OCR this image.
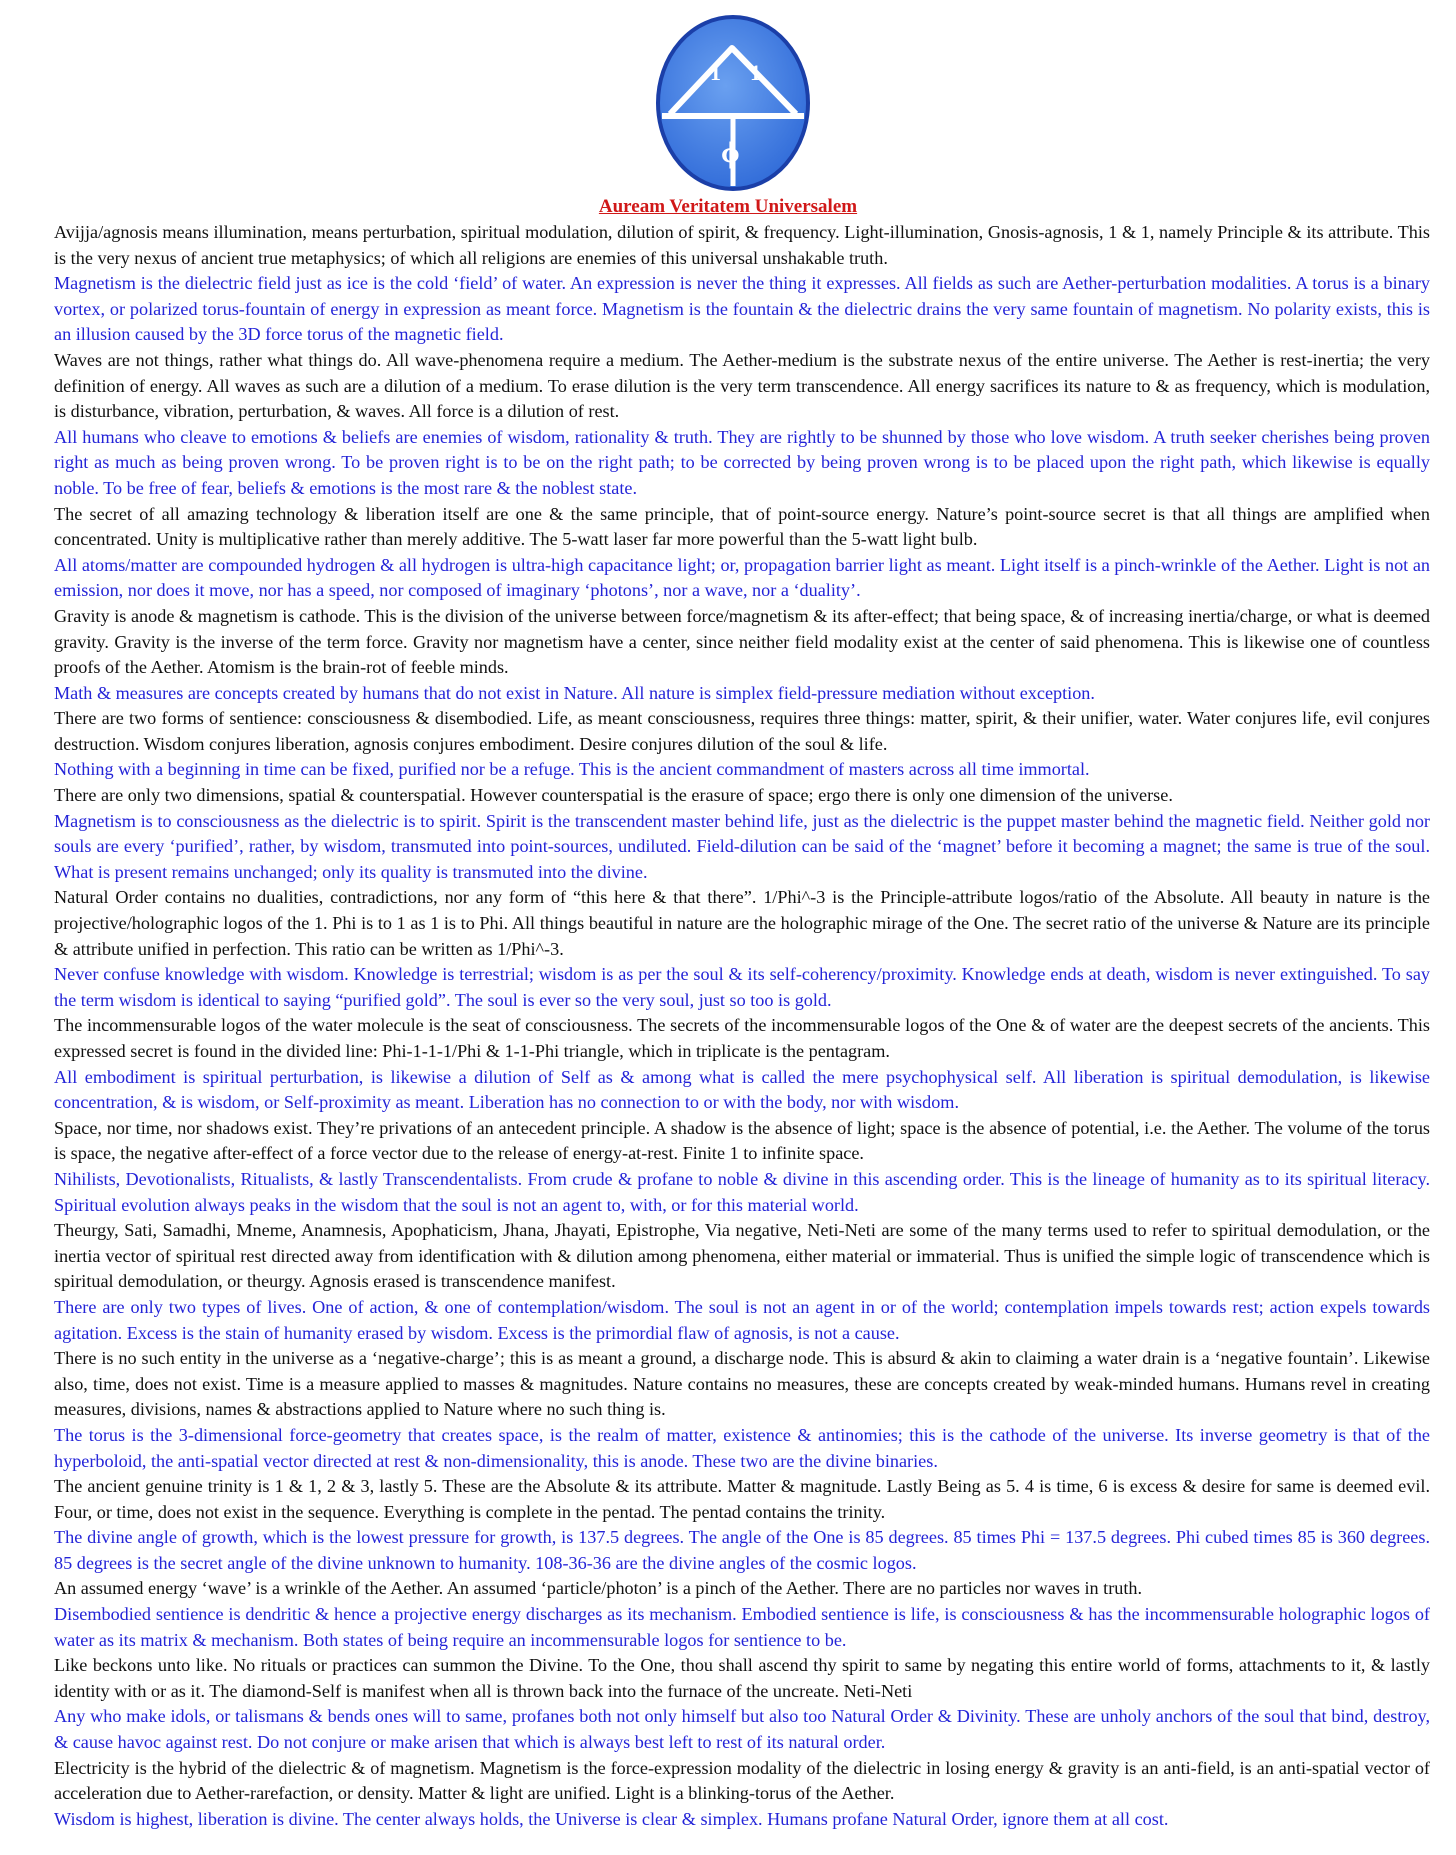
1 1
ϕ
Auream Veritatem Universalem

Avijja/agnosis means illumination, means perturbation, spiritual modulation, dilution of spirit, & frequency. Light-illumination, Gnosis-agnosis, 1 & 1, namely Principle & its attribute. This is the very nexus of ancient true metaphysics; of which all religions are enemies of this universal unshakable truth.

Magnetism is the dielectric field just as ice is the cold ‘field’ of water. An expression is never the thing it expresses. All fields as such are Aether-perturbation modalities. A torus is a binary vortex, or polarized torus-fountain of energy in expression as meant force. Magnetism is the fountain & the dielectric drains the very same fountain of magnetism. No polarity exists, this is an illusion caused by the 3D force torus of the magnetic field.

Waves are not things, rather what things do. All wave-phenomena require a medium. The Aether-medium is the substrate nexus of the entire universe. The Aether is rest-inertia; the very definition of energy. All waves as such are a dilution of a medium. To erase dilution is the very term transcendence. All energy sacrifices its nature to & as frequency, which is modulation, is disturbance, vibration, perturbation, & waves. All force is a dilution of rest.

All humans who cleave to emotions & beliefs are enemies of wisdom, rationality & truth. They are rightly to be shunned by those who love wisdom. A truth seeker cherishes being proven right as much as being proven wrong. To be proven right is to be on the right path; to be corrected by being proven wrong is to be placed upon the right path, which likewise is equally noble. To be free of fear, beliefs & emotions is the most rare & the noblest state.

The secret of all amazing technology & liberation itself are one & the same principle, that of point-source energy. Nature’s point-source secret is that all things are amplified when concentrated. Unity is multiplicative rather than merely additive. The 5-watt laser far more powerful than the 5-watt light bulb.

All atoms/matter are compounded hydrogen & all hydrogen is ultra-high capacitance light; or, propagation barrier light as meant. Light itself is a pinch-wrinkle of the Aether. Light is not an emission, nor does it move, nor has a speed, nor composed of imaginary ‘photons’, nor a wave, nor a ‘duality’.

Gravity is anode & magnetism is cathode. This is the division of the universe between force/magnetism & its after-effect; that being space, & of increasing inertia/charge, or what is deemed gravity. Gravity is the inverse of the term force. Gravity nor magnetism have a center, since neither field modality exist at the center of said phenomena. This is likewise one of countless proofs of the Aether. Atomism is the brain-rot of feeble minds.

Math & measures are concepts created by humans that do not exist in Nature. All nature is simplex field-pressure mediation without exception.

There are two forms of sentience: consciousness & disembodied. Life, as meant consciousness, requires three things: matter, spirit, & their unifier, water. Water conjures life, evil conjures destruction. Wisdom conjures liberation, agnosis conjures embodiment. Desire conjures dilution of the soul & life.

Nothing with a beginning in time can be fixed, purified nor be a refuge. This is the ancient commandment of masters across all time immortal.

There are only two dimensions, spatial & counterspatial. However counterspatial is the erasure of space; ergo there is only one dimension of the universe.

Magnetism is to consciousness as the dielectric is to spirit. Spirit is the transcendent master behind life, just as the dielectric is the puppet master behind the magnetic field. Neither gold nor souls are every ‘purified’, rather, by wisdom, transmuted into point-sources, undiluted. Field-dilution can be said of the ‘magnet’ before it becoming a magnet; the same is true of the soul. What is present remains unchanged; only its quality is transmuted into the divine.

Natural Order contains no dualities, contradictions, nor any form of “this here & that there”. 1/Phi^-3 is the Principle-attribute logos/ratio of the Absolute. All beauty in nature is the projective/holographic logos of the 1. Phi is to 1 as 1 is to Phi. All things beautiful in nature are the holographic mirage of the One. The secret ratio of the universe & Nature are its principle & attribute unified in perfection. This ratio can be written as 1/Phi^-3.

Never confuse knowledge with wisdom. Knowledge is terrestrial; wisdom is as per the soul & its self-coherency/proximity. Knowledge ends at death, wisdom is never extinguished. To say the term wisdom is identical to saying “purified gold”. The soul is ever so the very soul, just so too is gold.

The incommensurable logos of the water molecule is the seat of consciousness. The secrets of the incommensurable logos of the One & of water are the deepest secrets of the ancients. This expressed secret is found in the divided line: Phi-1-1-1/Phi & 1-1-Phi triangle, which in triplicate is the pentagram.

All embodiment is spiritual perturbation, is likewise a dilution of Self as & among what is called the mere psychophysical self. All liberation is spiritual demodulation, is likewise concentration, & is wisdom, or Self-proximity as meant. Liberation has no connection to or with the body, nor with wisdom.

Space, nor time, nor shadows exist. They’re privations of an antecedent principle. A shadow is the absence of light; space is the absence of potential, i.e. the Aether. The volume of the torus is space, the negative after-effect of a force vector due to the release of energy-at-rest. Finite 1 to infinite space.

Nihilists, Devotionalists, Ritualists, & lastly Transcendentalists. From crude & profane to noble & divine in this ascending order. This is the lineage of humanity as to its spiritual literacy. Spiritual evolution always peaks in the wisdom that the soul is not an agent to, with, or for this material world.

Theurgy, Sati, Samadhi, Mneme, Anamnesis, Apophaticism, Jhana, Jhayati, Epistrophe, Via negative, Neti-Neti are some of the many terms used to refer to spiritual demodulation, or the inertia vector of spiritual rest directed away from identification with & dilution among phenomena, either material or immaterial. Thus is unified the simple logic of transcendence which is spiritual demodulation, or theurgy. Agnosis erased is transcendence manifest.

There are only two types of lives. One of action, & one of contemplation/wisdom. The soul is not an agent in or of the world; contemplation impels towards rest; action expels towards agitation. Excess is the stain of humanity erased by wisdom. Excess is the primordial flaw of agnosis, is not a cause.

There is no such entity in the universe as a ‘negative-charge’; this is as meant a ground, a discharge node. This is absurd & akin to claiming a water drain is a ‘negative fountain’. Likewise also, time, does not exist. Time is a measure applied to masses & magnitudes. Nature contains no measures, these are concepts created by weak-minded humans. Humans revel in creating measures, divisions, names & abstractions applied to Nature where no such thing is.

The torus is the 3-dimensional force-geometry that creates space, is the realm of matter, existence & antinomies; this is the cathode of the universe. Its inverse geometry is that of the hyperboloid, the anti-spatial vector directed at rest & non-dimensionality, this is anode. These two are the divine binaries.

The ancient genuine trinity is 1 & 1, 2 & 3, lastly 5. These are the Absolute & its attribute. Matter & magnitude. Lastly Being as 5. 4 is time, 6 is excess & desire for same is deemed evil. Four, or time, does not exist in the sequence. Everything is complete in the pentad. The pentad contains the trinity.

The divine angle of growth, which is the lowest pressure for growth, is 137.5 degrees. The angle of the One is 85 degrees. 85 times Phi = 137.5 degrees. Phi cubed times 85 is 360 degrees. 85 degrees is the secret angle of the divine unknown to humanity. 108-36-36 are the divine angles of the cosmic logos.

An assumed energy ‘wave’ is a wrinkle of the Aether. An assumed ‘particle/photon’ is a pinch of the Aether. There are no particles nor waves in truth.

Disembodied sentience is dendritic & hence a projective energy discharges as its mechanism. Embodied sentience is life, is consciousness & has the incommensurable holographic logos of water as its matrix & mechanism. Both states of being require an incommensurable logos for sentience to be.

Like beckons unto like. No rituals or practices can summon the Divine. To the One, thou shall ascend thy spirit to same by negating this entire world of forms, attachments to it, & lastly identity with or as it. The diamond-Self is manifest when all is thrown back into the furnace of the uncreate. Neti-Neti

Any who make idols, or talismans & bends ones will to same, profanes both not only himself but also too Natural Order & Divinity. These are unholy anchors of the soul that bind, destroy, & cause havoc against rest. Do not conjure or make arisen that which is always best left to rest of its natural order.

Electricity is the hybrid of the dielectric & of magnetism. Magnetism is the force-expression modality of the dielectric in losing energy & gravity is an anti-field, is an anti-spatial vector of acceleration due to Aether-rarefaction, or density. Matter & light are unified. Light is a blinking-torus of the Aether.

Wisdom is highest, liberation is divine. The center always holds, the Universe is clear & simplex. Humans profane Natural Order, ignore them at all cost.
